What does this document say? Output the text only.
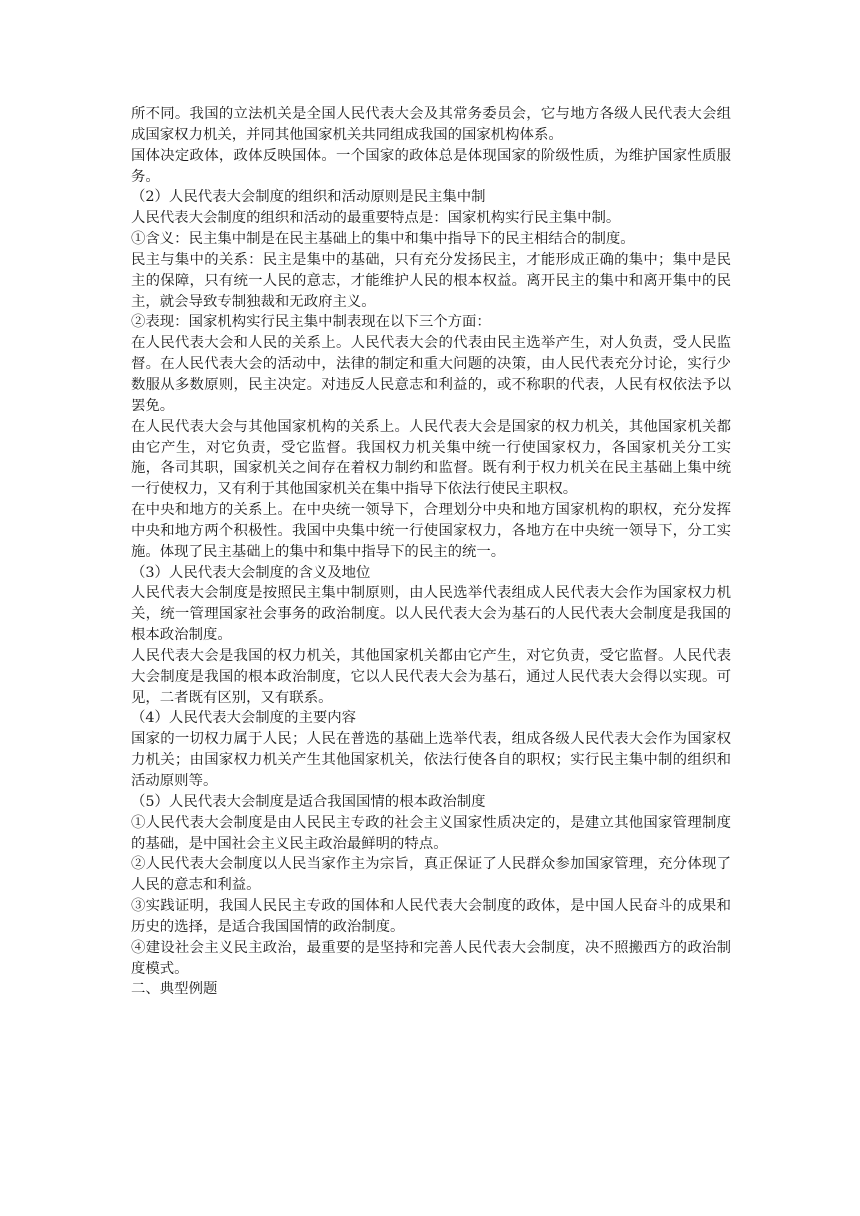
所不同。我国的立法机关是全国人民代表大会及其常务委员会，它与地方各级人民代表大会组成国家权力机关，并同其他国家机关共同组成我国的国家机构体系。

国体决定政体，政体反映国体。一个国家的政体总是体现国家的阶级性质，为维护国家性质服务。

（2）人民代表大会制度的组织和活动原则是民主集中制

人民代表大会制度的组织和活动的最重要特点是：国家机构实行民主集中制。

①含义：民主集中制是在民主基础上的集中和集中指导下的民主相结合的制度。

民主与集中的关系：民主是集中的基础，只有充分发扬民主，才能形成正确的集中；集中是民主的保障，只有统一人民的意志，才能维护人民的根本权益。离开民主的集中和离开集中的民主，就会导致专制独裁和无政府主义。

②表现：国家机构实行民主集中制表现在以下三个方面：

在人民代表大会和人民的关系上。人民代表大会的代表由民主选举产生，对人负责，受人民监督。在人民代表大会的活动中，法律的制定和重大问题的决策，由人民代表充分讨论，实行少数服从多数原则，民主决定。对违反人民意志和利益的，或不称职的代表，人民有权依法予以罢免。

在人民代表大会与其他国家机构的关系上。人民代表大会是国家的权力机关，其他国家机关都由它产生，对它负责，受它监督。我国权力机关集中统一行使国家权力，各国家机关分工实施，各司其职，国家机关之间存在着权力制约和监督。既有利于权力机关在民主基础上集中统一行使权力，又有利于其他国家机关在集中指导下依法行使民主职权。

在中央和地方的关系上。在中央统一领导下，合理划分中央和地方国家机构的职权，充分发挥中央和地方两个积极性。我国中央集中统一行使国家权力，各地方在中央统一领导下，分工实施。体现了民主基础上的集中和集中指导下的民主的统一。

（3）人民代表大会制度的含义及地位

人民代表大会制度是按照民主集中制原则，由人民选举代表组成人民代表大会作为国家权力机关，统一管理国家社会事务的政治制度。以人民代表大会为基石的人民代表大会制度是我国的根本政治制度。

人民代表大会是我国的权力机关，其他国家机关都由它产生，对它负责，受它监督。人民代表大会制度是我国的根本政治制度，它以人民代表大会为基石，通过人民代表大会得以实现。可见，二者既有区别，又有联系。

（4）人民代表大会制度的主要内容

国家的一切权力属于人民；人民在普选的基础上选举代表，组成各级人民代表大会作为国家权力机关；由国家权力机关产生其他国家机关，依法行使各自的职权；实行民主集中制的组织和活动原则等。

（5）人民代表大会制度是适合我国国情的根本政治制度

①人民代表大会制度是由人民民主专政的社会主义国家性质决定的，是建立其他国家管理制度的基础，是中国社会主义民主政治最鲜明的特点。

②人民代表大会制度以人民当家作主为宗旨，真正保证了人民群众参加国家管理，充分体现了人民的意志和利益。

③实践证明，我国人民民主专政的国体和人民代表大会制度的政体，是中国人民奋斗的成果和历史的选择，是适合我国国情的政治制度。

④建设社会主义民主政治，最重要的是坚持和完善人民代表大会制度，决不照搬西方的政治制度模式。

二、典型例题
